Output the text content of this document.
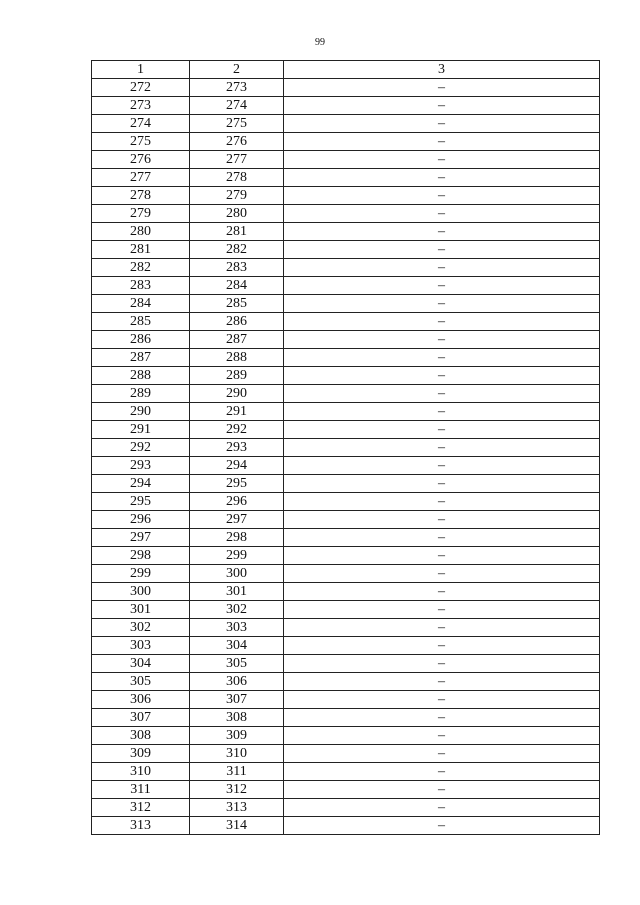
99
1	2	3
272	273	–
273	274	–
274	275	–
275	276	–
276	277	–
277	278	–
278	279	–
279	280	–
280	281	–
281	282	–
282	283	–
283	284	–
284	285	–
285	286	–
286	287	–
287	288	–
288	289	–
289	290	–
290	291	–
291	292	–
292	293	–
293	294	–
294	295	–
295	296	–
296	297	–
297	298	–
298	299	–
299	300	–
300	301	–
301	302	–
302	303	–
303	304	–
304	305	–
305	306	–
306	307	–
307	308	–
308	309	–
309	310	–
310	311	–
311	312	–
312	313	–
313	314	–
